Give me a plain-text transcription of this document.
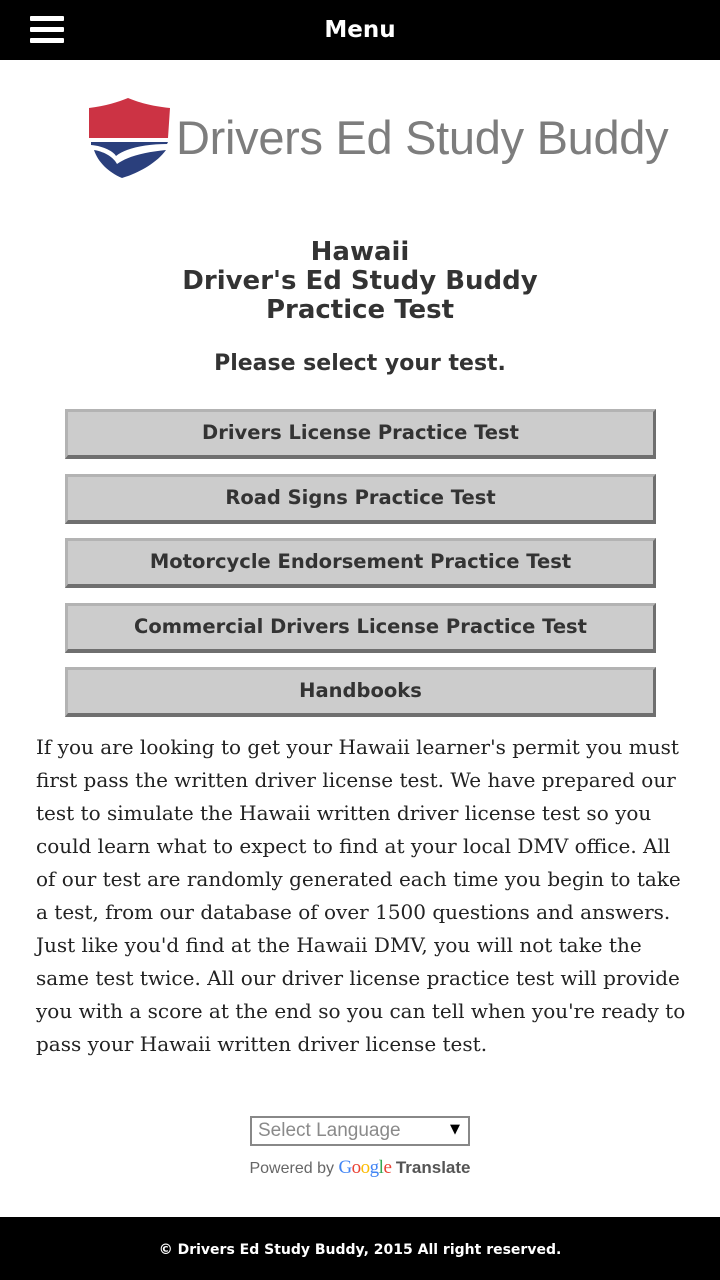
Menu
Drivers Ed Study Buddy
Hawaii
Driver's Ed Study Buddy
Practice Test
Please select your test.
Drivers License Practice Test
Road Signs Practice Test
Motorcycle Endorsement Practice Test
Commercial Drivers License Practice Test
Handbooks
If you are looking to get your Hawaii learner's permit you must first pass the written driver license test. We have prepared our test to simulate the Hawaii written driver license test so you could learn what to expect to find at your local DMV office. All of our test are randomly generated each time you begin to take a test, from our database of over 1500 questions and answers. Just like you'd find at the Hawaii DMV, you will not take the same test twice. All our driver license practice test will provide you with a score at the end so you can tell when you're ready to pass your Hawaii written driver license test.
Select Language	▼
Powered by Google Translate
© Drivers Ed Study Buddy, 2015 All right reserved.
